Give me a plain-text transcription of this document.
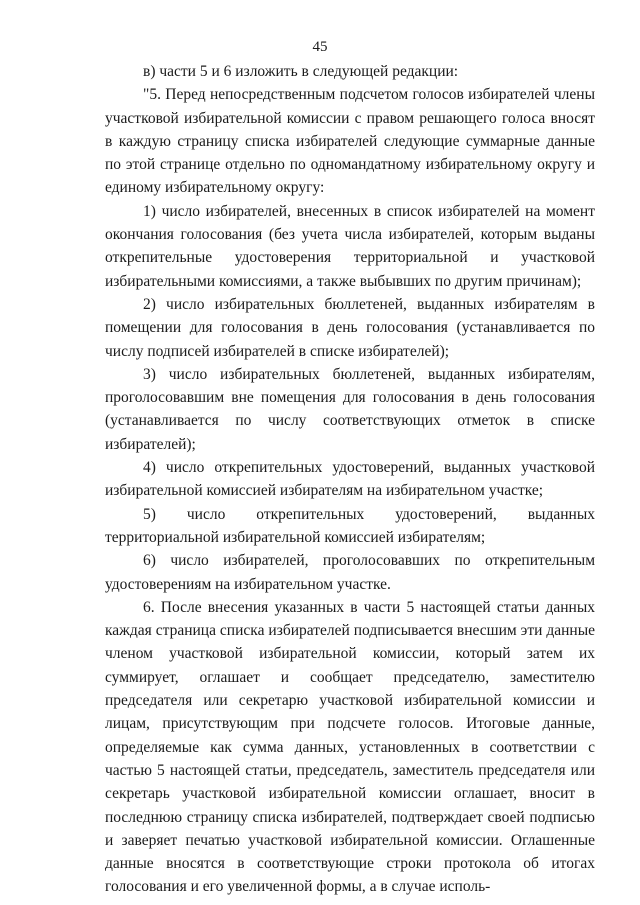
45

в) части 5 и 6 изложить в следующей редакции:

"5. Перед непосредственным подсчетом голосов избирателей члены участковой избирательной комиссии с правом решающего голоса вносят в каждую страницу списка избирателей следующие суммарные данные по этой странице отдельно по одномандатному избирательному округу и единому избирательному округу:

1) число избирателей, внесенных в список избирателей на момент окончания голосования (без учета числа избирателей, которым выданы открепительные удостоверения территориальной и участковой избирательными комиссиями, а также выбывших по другим причинам);

2) число избирательных бюллетеней, выданных избирателям в помещении для голосования в день голосования (устанавливается по числу подписей избирателей в списке избирателей);

3) число избирательных бюллетеней, выданных избирателям, проголосовавшим вне помещения для голосования в день голосования (устанавливается по числу соответствующих отметок в списке избирателей);

4) число открепительных удостоверений, выданных участковой избирательной комиссией избирателям на избирательном участке;

5) число открепительных удостоверений, выданных территориальной избирательной комиссией избирателям;

6) число избирателей, проголосовавших по открепительным удостоверениям на избирательном участке.

6. После внесения указанных в части 5 настоящей статьи данных каждая страница списка избирателей подписывается внесшим эти данные членом участковой избирательной комиссии, который затем их суммирует, оглашает и сообщает председателю, заместителю председателя или секретарю участковой избирательной комиссии и лицам, присутствующим при подсчете голосов. Итоговые данные, определяемые как сумма данных, установленных в соответствии с частью 5 настоящей статьи, председатель, заместитель председателя или секретарь участковой избирательной комиссии оглашает, вносит в последнюю страницу списка избирателей, подтверждает своей подписью и заверяет печатью участковой избирательной комиссии. Оглашенные данные вносятся в соответствующие строки протокола об итогах голосования и его увеличенной формы, а в случае исполь-
